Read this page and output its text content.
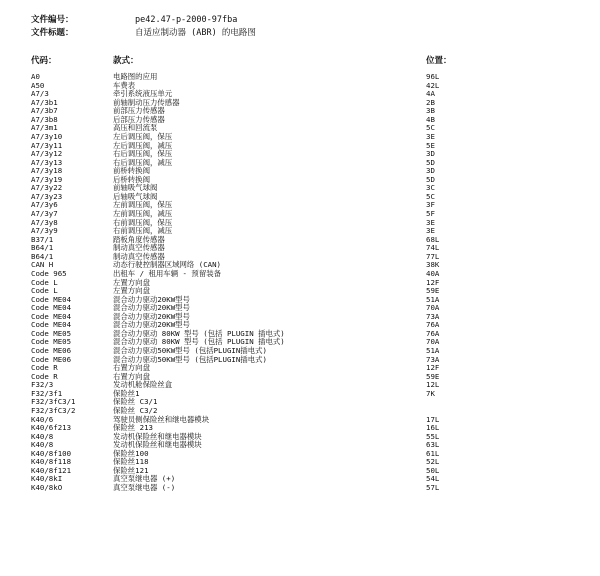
文件编号：	pe42.47-p-2000-97fba
文件标题：	自适应制动器 (ABR) 的电路图
代码：	款式：	位置：
A0	电路图的应用	96L
A50	车费表	42L
A7/3	牵引系统液压单元	4A
A7/3b1	前轴制动压力传感器	2B
A7/3b7	前部压力传感器	3B
A7/3b8	后部压力传感器	4B
A7/3m1	高压和回流泵	5C
A7/3y10	左后调压阀，保压	3E
A7/3y11	左后调压阀，减压	5E
A7/3y12	右后调压阀，保压	3D
A7/3y13	右后调压阀，减压	5D
A7/3y18	前桥转换阀	3D
A7/3y19	后桥转换阀	5D
A7/3y22	前轴吸气球阀	3C
A7/3y23	后轴吸气球阀	5C
A7/3y6	左前调压阀，保压	3F
A7/3y7	左前调压阀，减压	5F
A7/3y8	右前调压阀，保压	3E
A7/3y9	右前调压阀，减压	3E
B37/1	踏板角度传感器	68L
B64/1	制动真空传感器	74L
B64/1	制动真空传感器	77L
CAN H	动态行驶控制器区域网络 (CAN)	38K
Code 965	出租车 / 租用车辆 - 预留装备	40A
Code L	左置方向盘	12F
Code L	左置方向盘	59E
Code ME04	混合动力驱动20KW型号	51A
Code ME04	混合动力驱动20KW型号	70A
Code ME04	混合动力驱动20KW型号	73A
Code ME04	混合动力驱动20KW型号	76A
Code ME05	混合动力驱动 80KW 型号 (包括 PLUGIN 插电式)	76A
Code ME05	混合动力驱动 80KW 型号 (包括 PLUGIN 插电式)	70A
Code ME06	混合动力驱动50KW型号 (包括PLUGIN插电式)	51A
Code ME06	混合动力驱动50KW型号 (包括PLUGIN插电式)	73A
Code R	右置方向盘	12F
Code R	右置方向盘	59E
F32/3	发动机舱保险丝盒	12L
F32/3f1	保险丝1	7K
F32/3fC3/1	保险丝 C3/1
F32/3fC3/2	保险丝 C3/2
K40/6	驾驶员侧保险丝和继电器模块	17L
K40/6f213	保险丝 213	16L
K40/8	发动机保险丝和继电器模块	55L
K40/8	发动机保险丝和继电器模块	63L
K40/8f100	保险丝100	61L
K40/8f118	保险丝118	52L
K40/8f121	保险丝121	50L
K40/8kI	真空泵继电器 (+)	54L
K40/8kO	真空泵继电器 (-)	57L
